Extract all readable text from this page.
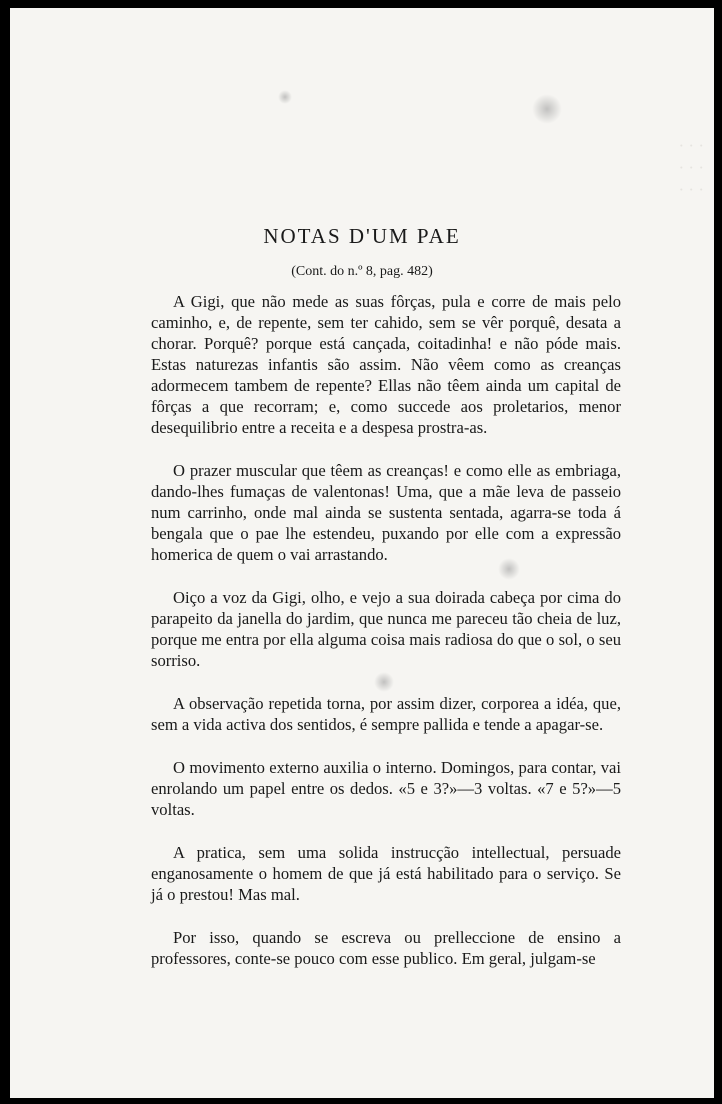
· · ·
· · ·
· · ·
NOTAS D'UM PAE
(Cont. do n.º 8, pag. 482)

A Gigi, que não mede as suas fôrças, pula e corre de mais pelo caminho, e, de repente, sem ter cahido, sem se vêr porquê, desata a chorar. Porquê? porque está cançada, coitadinha! e não póde mais. Estas naturezas infantis são assim. Não vêem como as creanças adormecem tambem de repente? Ellas não têem ainda um capital de fôrças a que recorram; e, como succede aos proletarios, menor desequilibrio entre a receita e a despesa prostra-as.

O prazer muscular que têem as creanças! e como elle as embriaga, dando-lhes fumaças de valentonas! Uma, que a mãe leva de passeio num carrinho, onde mal ainda se sustenta sentada, agarra-se toda á bengala que o pae lhe estendeu, puxando por elle com a expressão homerica de quem o vai arrastando.

Oiço a voz da Gigi, olho, e vejo a sua doirada cabeça por cima do parapeito da janella do jardim, que nunca me pareceu tão cheia de luz, porque me entra por ella alguma coisa mais radiosa do que o sol, o seu sorriso.

A observação repetida torna, por assim dizer, corporea a idéa, que, sem a vida activa dos sentidos, é sempre pallida e tende a apagar-se.

O movimento externo auxilia o interno. Domingos, para contar, vai enrolando um papel entre os dedos. «5 e 3?»—3 voltas. «7 e 5?»—5 voltas.

A pratica, sem uma solida instrucção intellectual, persuade enganosamente o homem de que já está habilitado para o serviço. Se já o prestou! Mas mal.

Por isso, quando se escreva ou prelleccione de ensino a professores, conte-se pouco com esse publico. Em geral, julgam-se
